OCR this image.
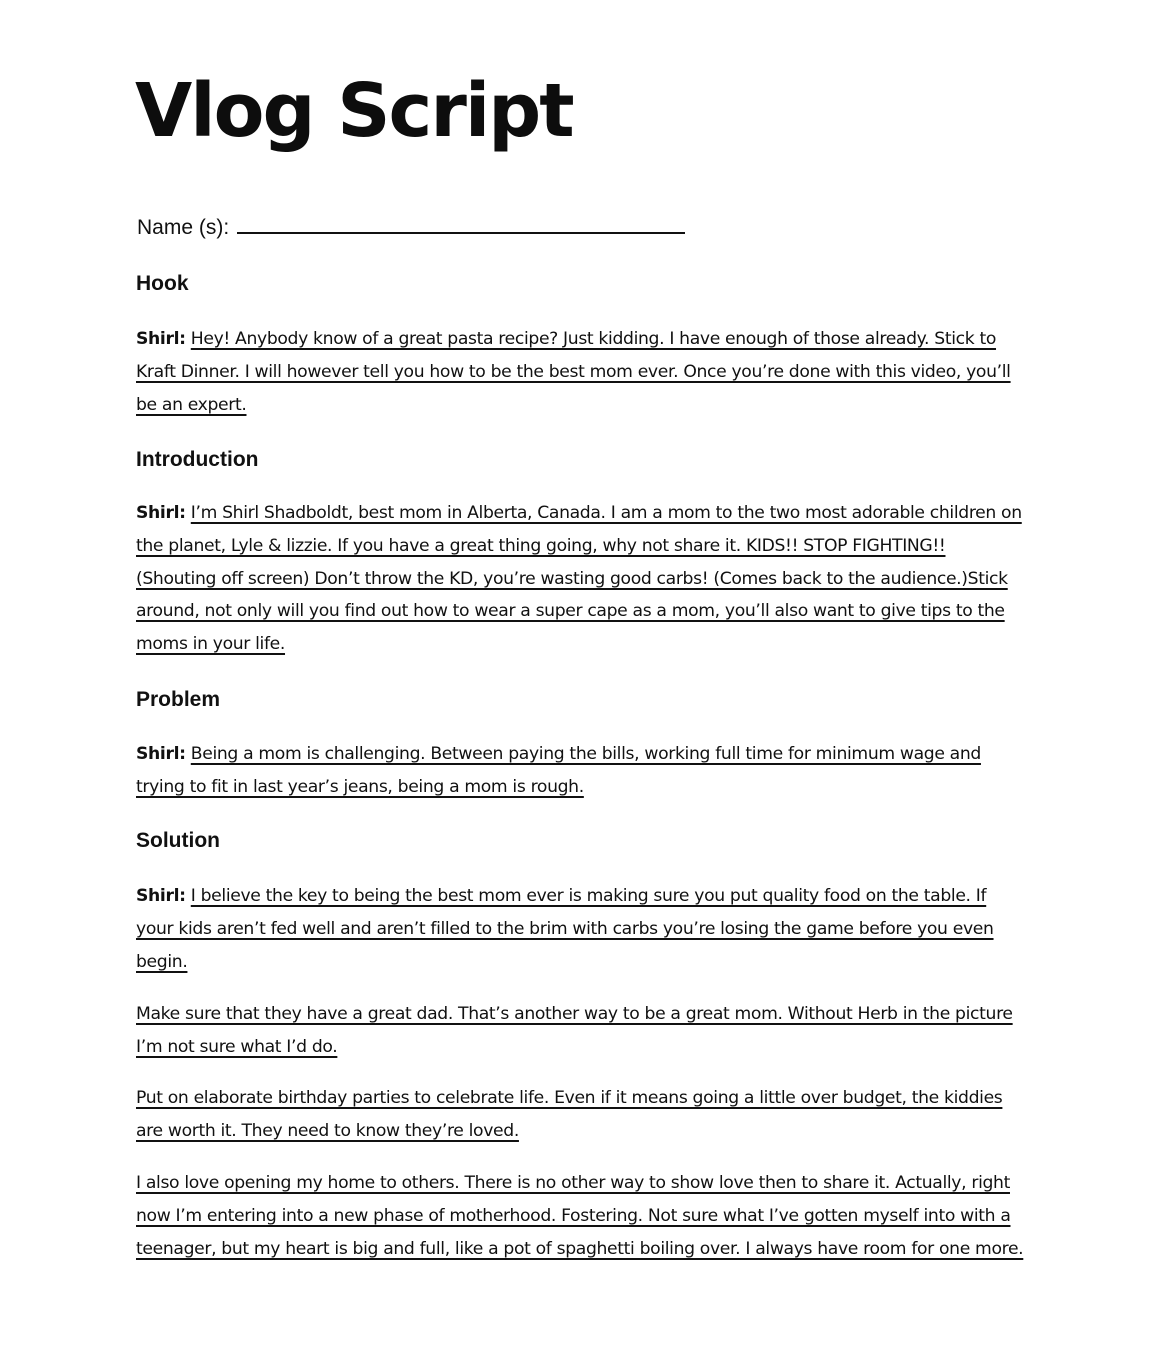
Vlog Script
Name (s):
Hook

Shirl: Hey! Anybody know of a great pasta recipe? Just kidding. I have enough of those already. Stick to Kraft Dinner. I will however tell you how to be the best mom ever. Once you’re done with this video, you’ll be an expert.

Introduction

Shirl: I’m Shirl Shadboldt, best mom in Alberta, Canada. I am a mom to the two most adorable children on the planet, Lyle & lizzie. If you have a great thing going, why not share it. KIDS!! STOP FIGHTING!! (Shouting off screen) Don’t throw the KD, you’re wasting good carbs! (Comes back to the audience.)Stick around, not only will you find out how to wear a super cape as a mom, you’ll also want to give tips to the moms in your life.

Problem

Shirl: Being a mom is challenging. Between paying the bills, working full time for minimum wage and trying to fit in last year’s jeans, being a mom is rough.

Solution

Shirl: I believe the key to being the best mom ever is making sure you put quality food on the table. If your kids aren’t fed well and aren’t filled to the brim with carbs you’re losing the game before you even begin.

Make sure that they have a great dad. That’s another way to be a great mom. Without Herb in the picture I’m not sure what I’d do.

Put on elaborate birthday parties to celebrate life. Even if it means going a little over budget, the kiddies are worth it. They need to know they’re loved.

I also love opening my home to others. There is no other way to show love then to share it. Actually, right now I’m entering into a new phase of motherhood. Fostering. Not sure what I’ve gotten myself into with a teenager, but my heart is big and full, like a pot of spaghetti boiling over. I always have room for one more.
